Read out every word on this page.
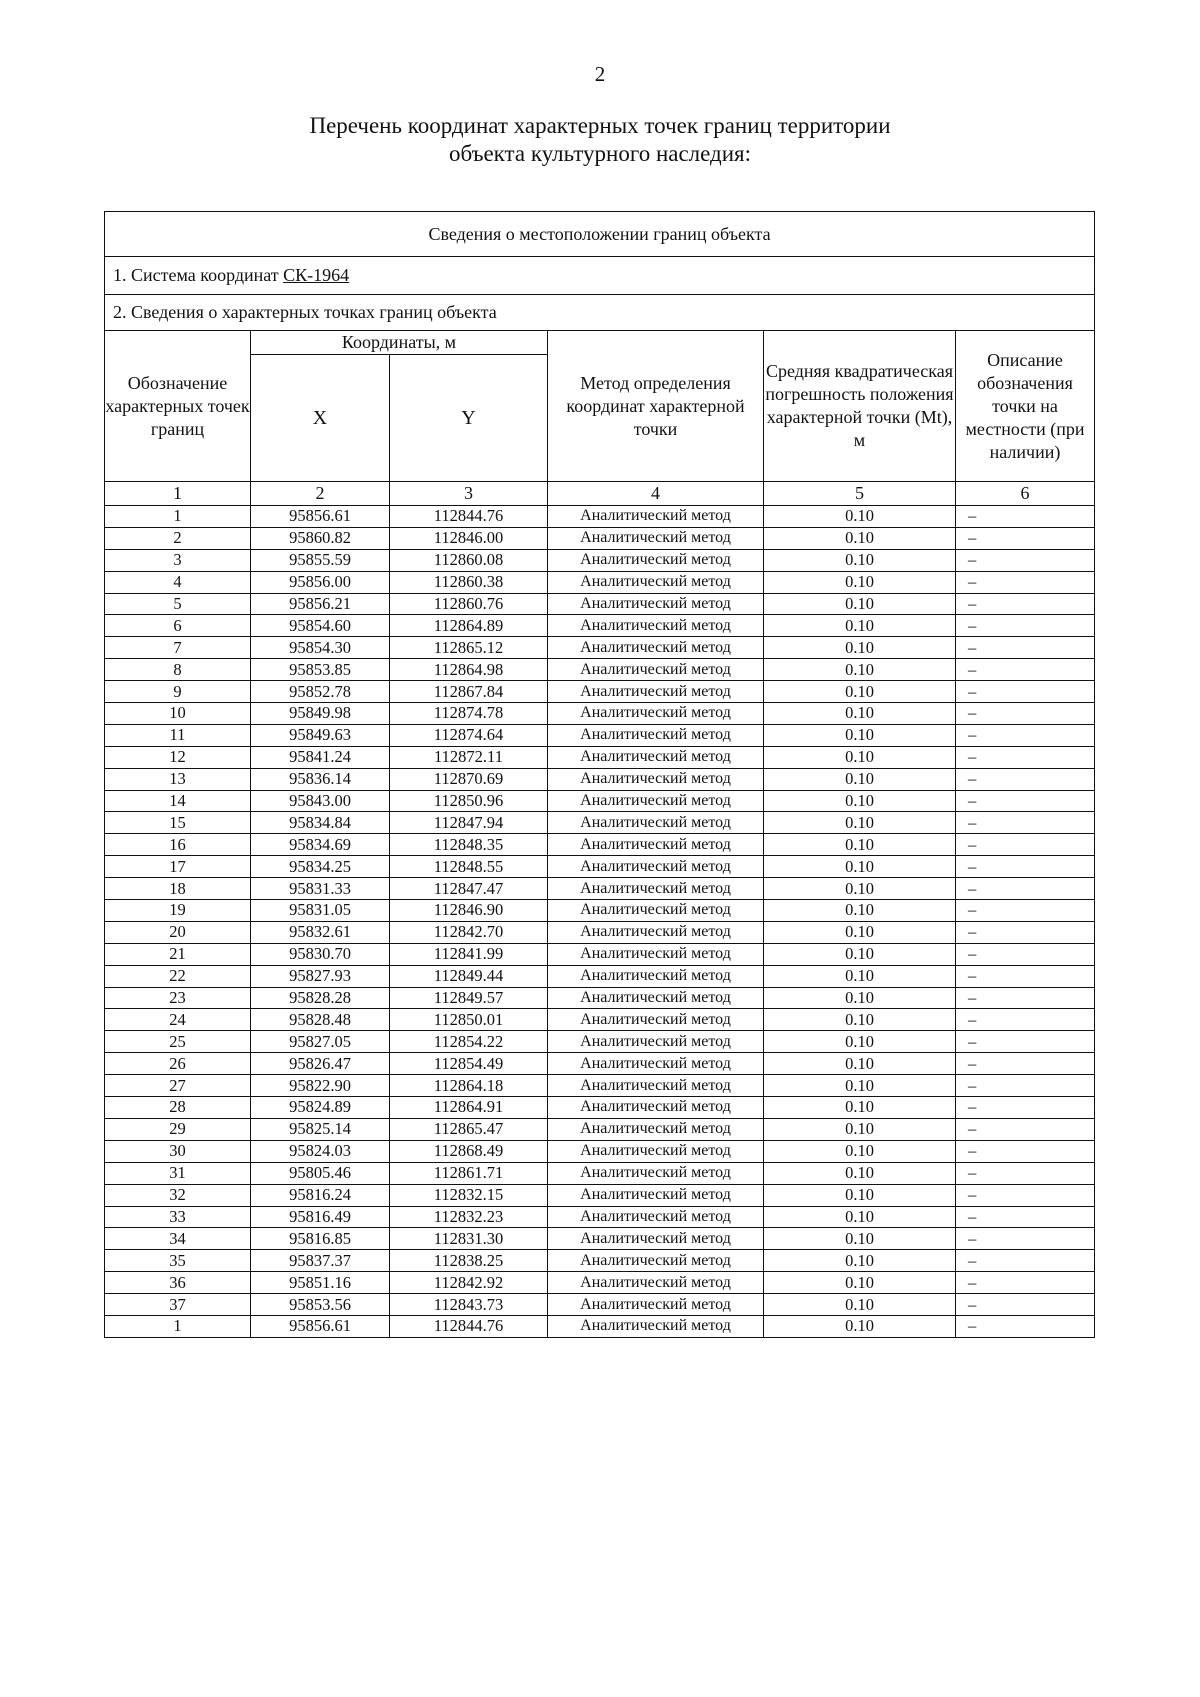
2
Перечень координат характерных точек границ территории
объекта культурного наследия:
Сведения о местоположении границ объекта					
1. Система координат СК-1964					
2. Сведения о характерных точках границ объекта					
Обозначение характерных точек границ	Координаты, м		Метод определения координат характерной точки	Средняя квадратическая погрешность положения характерной точки (Mt), м	Описание обозначения точки на местности (при наличии)
	X	Y			
1	2	3	4	5	6
1	95856.61	112844.76	Аналитический метод	0.10	–
2	95860.82	112846.00	Аналитический метод	0.10	–
3	95855.59	112860.08	Аналитический метод	0.10	–
4	95856.00	112860.38	Аналитический метод	0.10	–
5	95856.21	112860.76	Аналитический метод	0.10	–
6	95854.60	112864.89	Аналитический метод	0.10	–
7	95854.30	112865.12	Аналитический метод	0.10	–
8	95853.85	112864.98	Аналитический метод	0.10	–
9	95852.78	112867.84	Аналитический метод	0.10	–
10	95849.98	112874.78	Аналитический метод	0.10	–
11	95849.63	112874.64	Аналитический метод	0.10	–
12	95841.24	112872.11	Аналитический метод	0.10	–
13	95836.14	112870.69	Аналитический метод	0.10	–
14	95843.00	112850.96	Аналитический метод	0.10	–
15	95834.84	112847.94	Аналитический метод	0.10	–
16	95834.69	112848.35	Аналитический метод	0.10	–
17	95834.25	112848.55	Аналитический метод	0.10	–
18	95831.33	112847.47	Аналитический метод	0.10	–
19	95831.05	112846.90	Аналитический метод	0.10	–
20	95832.61	112842.70	Аналитический метод	0.10	–
21	95830.70	112841.99	Аналитический метод	0.10	–
22	95827.93	112849.44	Аналитический метод	0.10	–
23	95828.28	112849.57	Аналитический метод	0.10	–
24	95828.48	112850.01	Аналитический метод	0.10	–
25	95827.05	112854.22	Аналитический метод	0.10	–
26	95826.47	112854.49	Аналитический метод	0.10	–
27	95822.90	112864.18	Аналитический метод	0.10	–
28	95824.89	112864.91	Аналитический метод	0.10	–
29	95825.14	112865.47	Аналитический метод	0.10	–
30	95824.03	112868.49	Аналитический метод	0.10	–
31	95805.46	112861.71	Аналитический метод	0.10	–
32	95816.24	112832.15	Аналитический метод	0.10	–
33	95816.49	112832.23	Аналитический метод	0.10	–
34	95816.85	112831.30	Аналитический метод	0.10	–
35	95837.37	112838.25	Аналитический метод	0.10	–
36	95851.16	112842.92	Аналитический метод	0.10	–
37	95853.56	112843.73	Аналитический метод	0.10	–
1	95856.61	112844.76	Аналитический метод	0.10	–
